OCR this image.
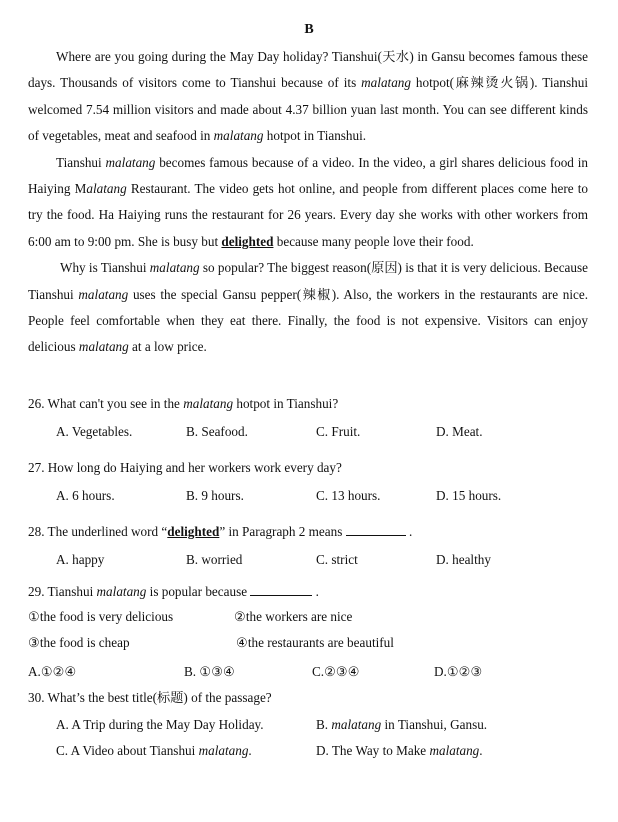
B

Where are you going during the May Day holiday? Tianshui(天水) in Gansu becomes famous these days. Thousands of visitors come to Tianshui because of its malatang hotpot(麻辣烫火锅). Tianshui welcomed 7.54 million visitors and made about 4.37 billion yuan last month. You can see different kinds of vegetables, meat and seafood in malatang hotpot in Tianshui.

Tianshui malatang becomes famous because of a video. In the video, a girl shares delicious food in Haiying Malatang Restaurant. The video gets hot online, and people from different places come here to try the food. Ha Haiying runs the restaurant for 26 years. Every day she works with other workers from 6:00 am to 9:00 pm. She is busy but delighted because many people love their food.

Why is Tianshui malatang so popular? The biggest reason(原因) is that it is very delicious. Because Tianshui malatang uses the special Gansu pepper(辣椒). Also, the workers in the restaurants are nice. People feel comfortable when they eat there. Finally, the food is not expensive. Visitors can enjoy delicious malatang at a low price.

26. What can't you see in the malatang hotpot in Tianshui?
A. Vegetables.	B. Seafood.	C. Fruit.	D. Meat.
27. How long do Haiying and her workers work every day?
A. 6 hours.	B. 9 hours.	C. 13 hours.	D. 15 hours.
28. The underlined word “delighted” in Paragraph 2 means	.
A. happy	B. worried	C. strict	D. healthy
29. Tianshui malatang is popular because	.
①the food is very delicious	②the workers are nice
③the food is cheap	④the restaurants are beautiful
A.①②④	B. ①③④	C.②③④	D.①②③
30. What’s the best title(标题) of the passage?
A. A Trip during the May Day Holiday.	B. malatang in Tianshui, Gansu.
C. A Video about Tianshui malatang.	D. The Way to Make malatang.
